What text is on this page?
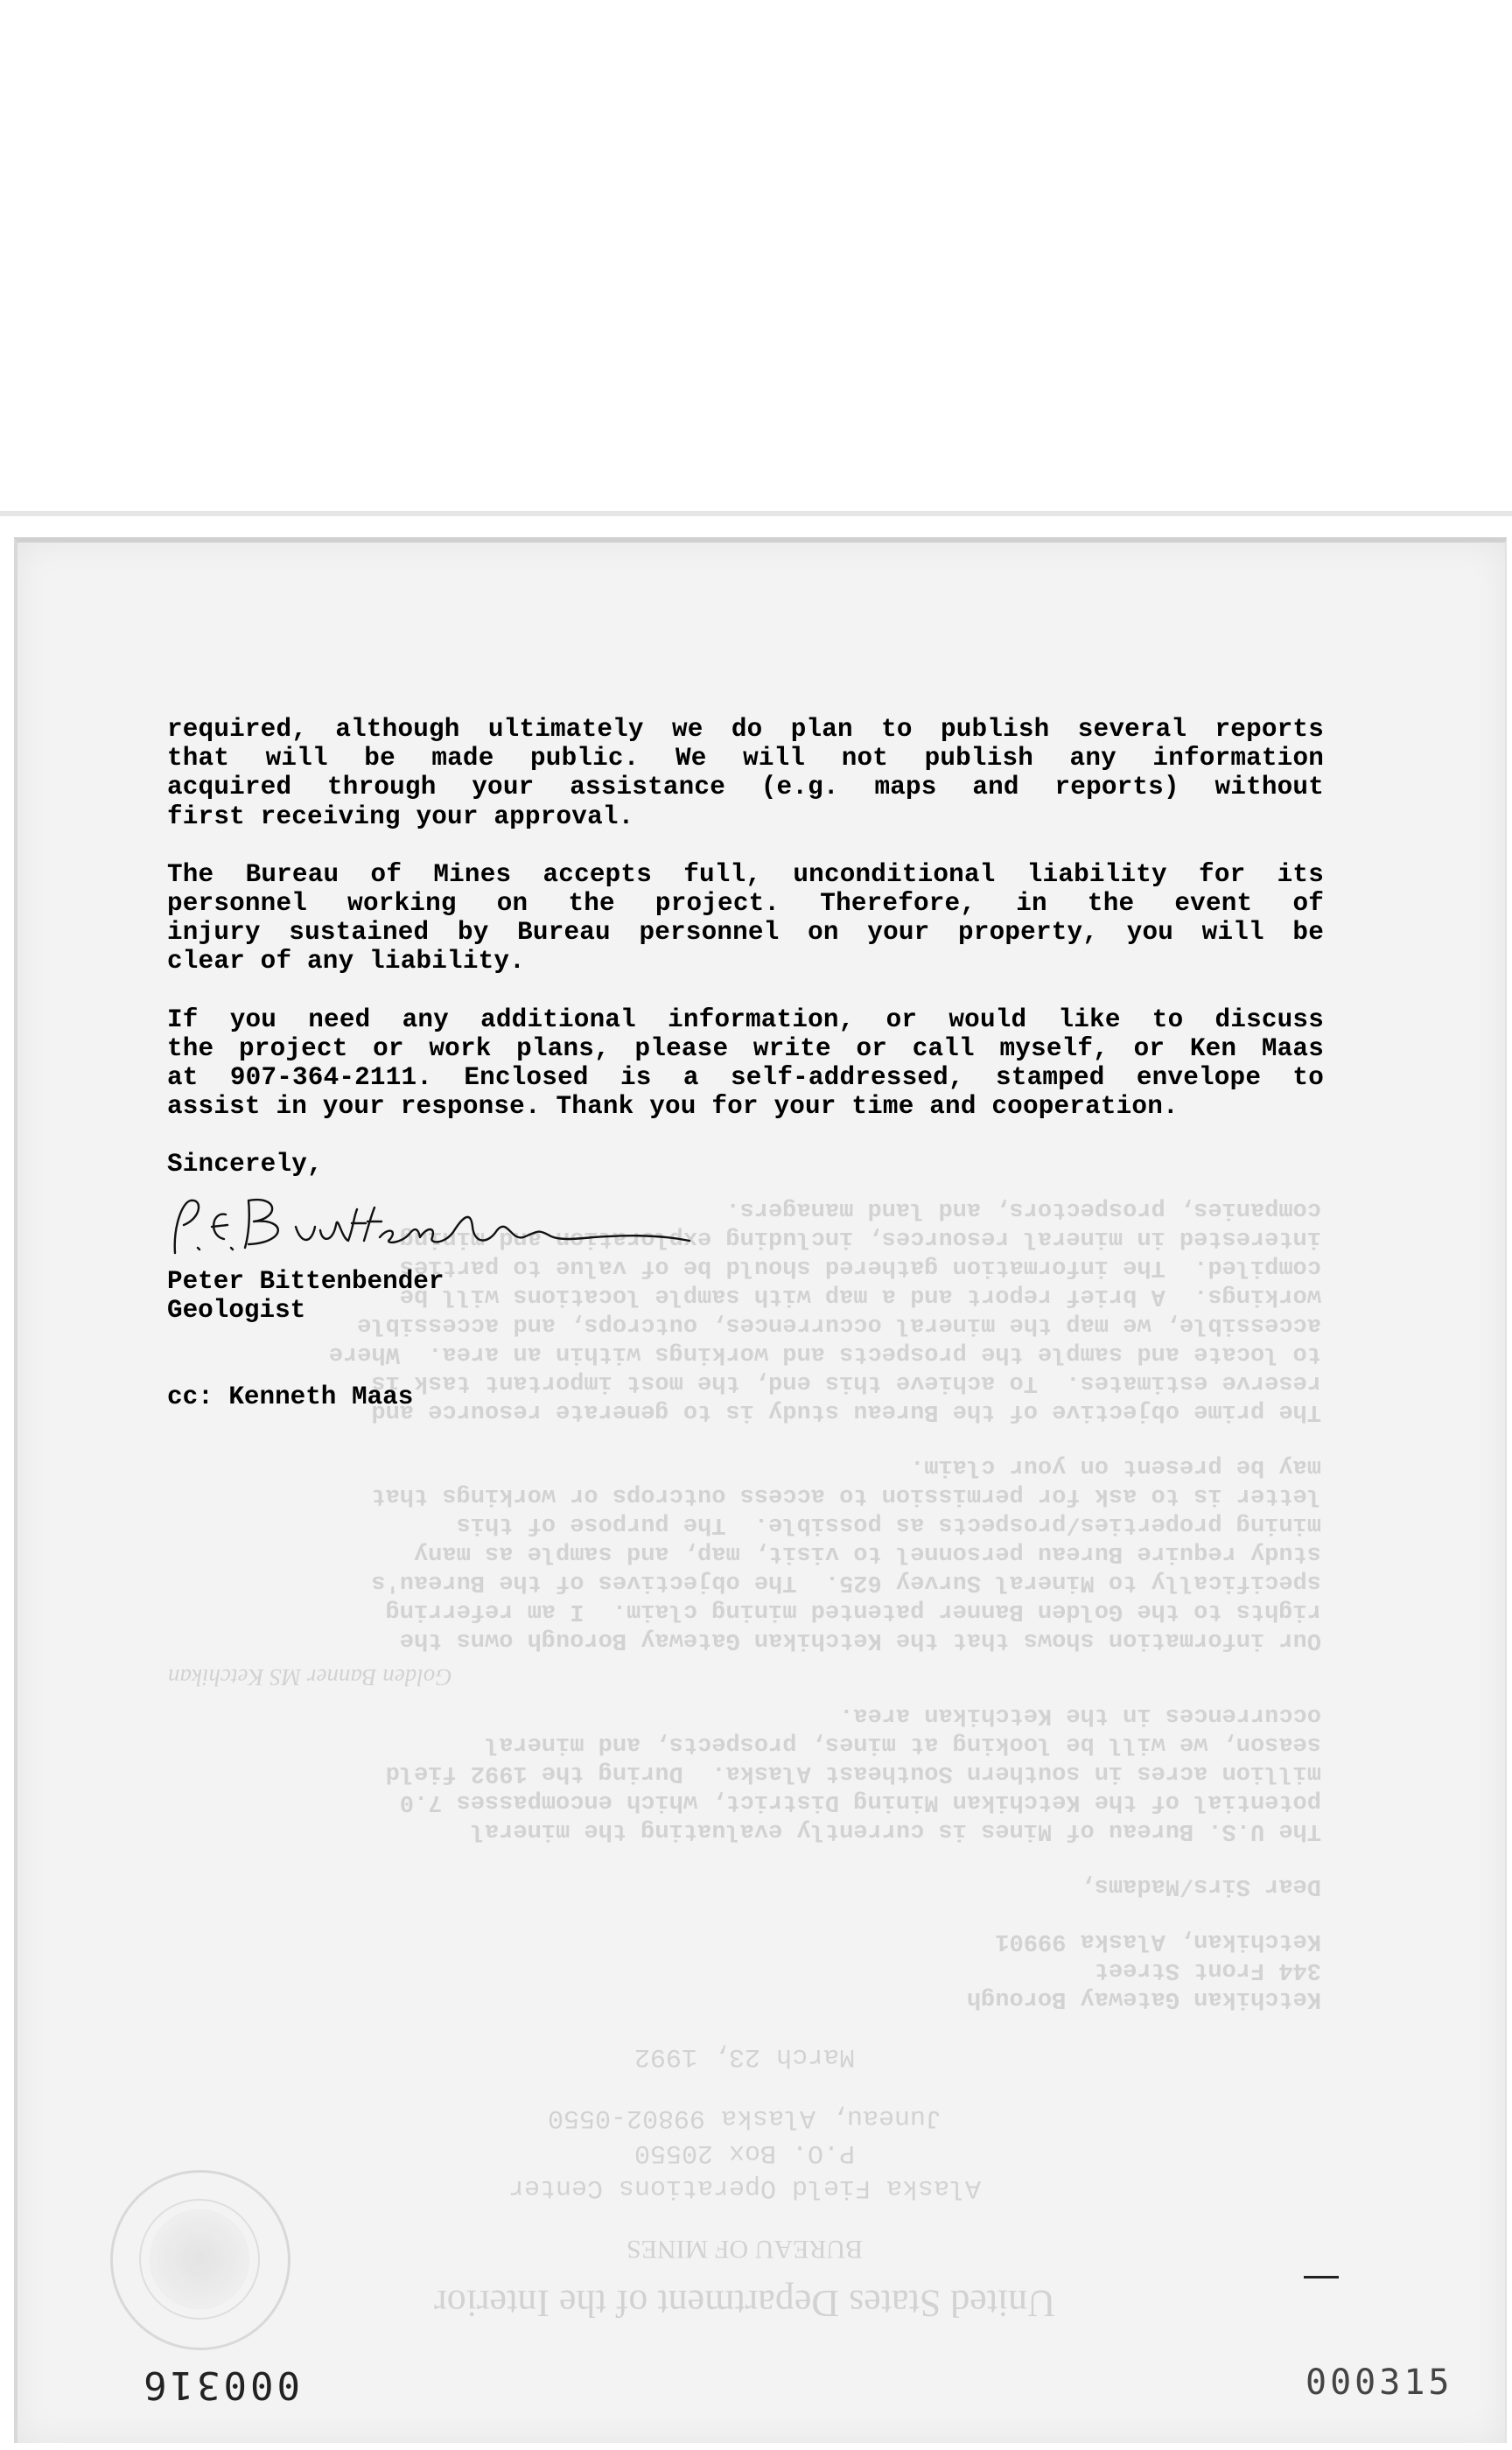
United States Department of the Interior

BUREAU OF MINES

Alaska Field Operations Center
P.O. Box 20550
Juneau, Alaska 99802-0550

March 23, 1992

Ketchikan Gateway Borough
344 Front Street
Ketchikan, Alaska 99901

Dear Sirs/Madams,

The U.S. Bureau of Mines is currently evaluating the mineral
potential of the Ketchikan Mining District, which encompasses 7.0
million acres in southern Southeast Alaska.  During the 1992 field
season, we will be looking at mines, prospects, and mineral
occurrences in the Ketchikan area.

Golden Banner MS Ketchikan

Our information shows that the Ketchikan Gateway Borough owns the
rights to the Golden Banner patented mining claim.  I am referring
specifically to Mineral Survey 625.  The objectives of the Bureau's
study require Bureau personnel to visit, map, and sample as many
mining properties/prospects as possible.  The purpose of this
letter is to ask for permission to access outcrops or workings that
may be present on your claim.

The prime objective of the Bureau study is to generate resource and
reserve estimates.  To achieve this end, the most important task is
to locate and sample the prospects and workings within an area.  Where
accessible, we map the mineral occurrences, outcrops, and accessible
workings.  A brief report and a map with sample locations will be
compiled.  The information gathered should be of value to parties
interested in mineral resources, including exploration and mining
companies, prospectors, and land managers.

required, although ultimately we do plan to publish several reports
that will be made public. We will not publish any information
acquired through your assistance (e.g. maps and reports) without
first receiving your approval.

The Bureau of Mines accepts full, unconditional liability for its
personnel working on the project. Therefore, in the event of
injury sustained by Bureau personnel on your property, you will be
clear of any liability.

If you need any additional information, or would like to discuss
the project or work plans, please write or call myself, or Ken Maas
at 907-364-2111. Enclosed is a self-addressed, stamped envelope to
assist in your response. Thank you for your time and cooperation.

Sincerely,
Peter Bittenbender
Geologist
cc: Kenneth Maas
000316	000315
